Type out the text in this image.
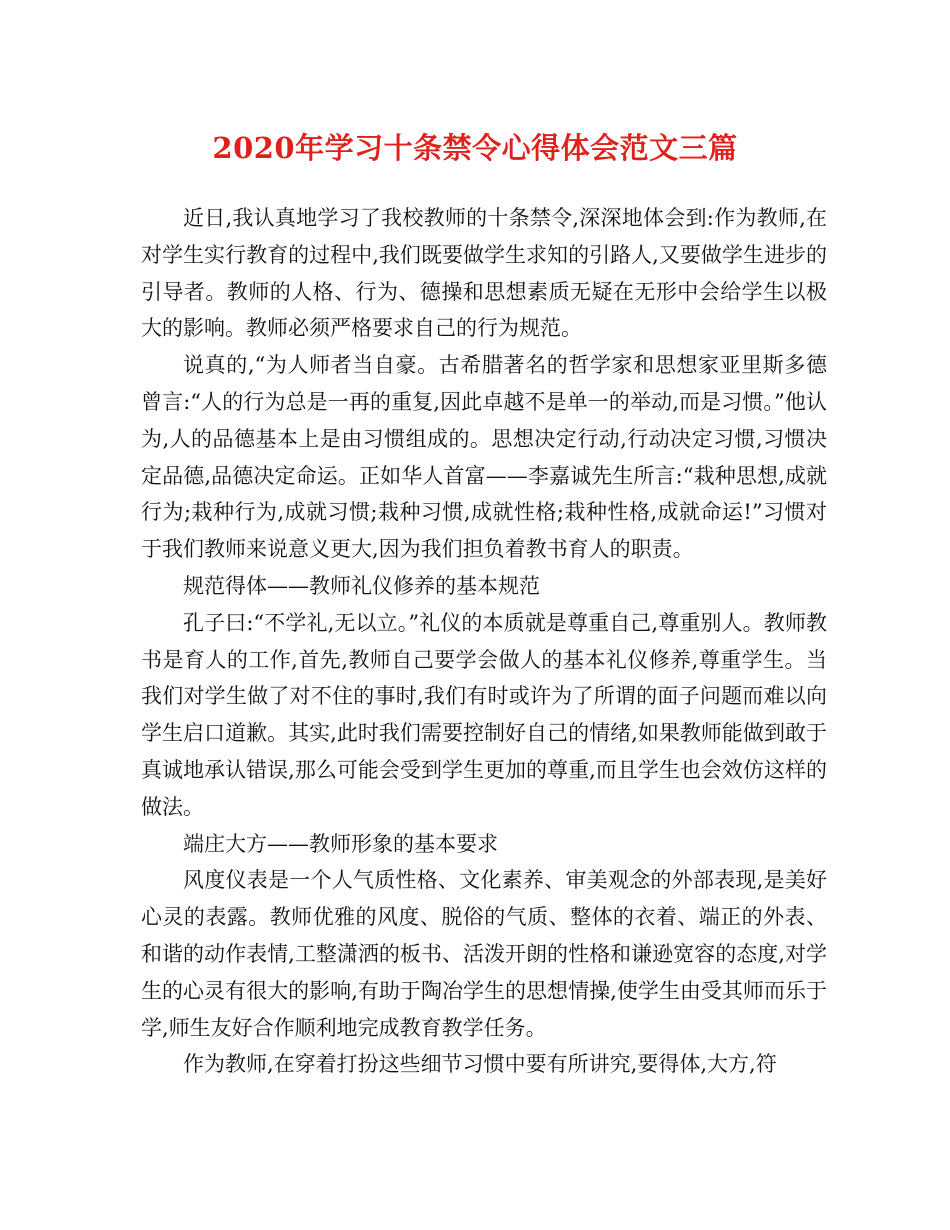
2020年学习十条禁令心得体会范文三篇

近日,我认真地学习了我校教师的十条禁令,深深地体会到:作为教师,在对学生实行教育的过程中,我们既要做学生求知的引路人,又要做学生进步的引导者。教师的人格、行为、德操和思想素质无疑在无形中会给学生以极大的影响。教师必须严格要求自己的行为规范。

说真的,“为人师者当自豪。古希腊著名的哲学家和思想家亚里斯多德曾言:“人的行为总是一再的重复,因此卓越不是单一的举动,而是习惯。”他认为,人的品德基本上是由习惯组成的。思想决定行动,行动决定习惯,习惯决定品德,品德决定命运。正如华人首富——李嘉诚先生所言:“栽种思想,成就行为;栽种行为,成就习惯;栽种习惯,成就性格;栽种性格,成就命运!”习惯对于我们教师来说意义更大,因为我们担负着教书育人的职责。

规范得体——教师礼仪修养的基本规范

孔子曰:“不学礼,无以立。”礼仪的本质就是尊重自己,尊重别人。教师教书是育人的工作,首先,教师自己要学会做人的基本礼仪修养,尊重学生。当我们对学生做了对不住的事时,我们有时或许为了所谓的面子问题而难以向学生启口道歉。其实,此时我们需要控制好自己的情绪,如果教师能做到敢于真诚地承认错误,那么可能会受到学生更加的尊重,而且学生也会效仿这样的做法。

端庄大方——教师形象的基本要求

风度仪表是一个人气质性格、文化素养、审美观念的外部表现,是美好心灵的表露。教师优雅的风度、脱俗的气质、整体的衣着、端正的外表、和谐的动作表情,工整潇洒的板书、活泼开朗的性格和谦逊宽容的态度,对学生的心灵有很大的影响,有助于陶冶学生的思想情操,使学生由受其师而乐于学,师生友好合作顺利地完成教育教学任务。

作为教师,在穿着打扮这些细节习惯中要有所讲究,要得体,大方,符
